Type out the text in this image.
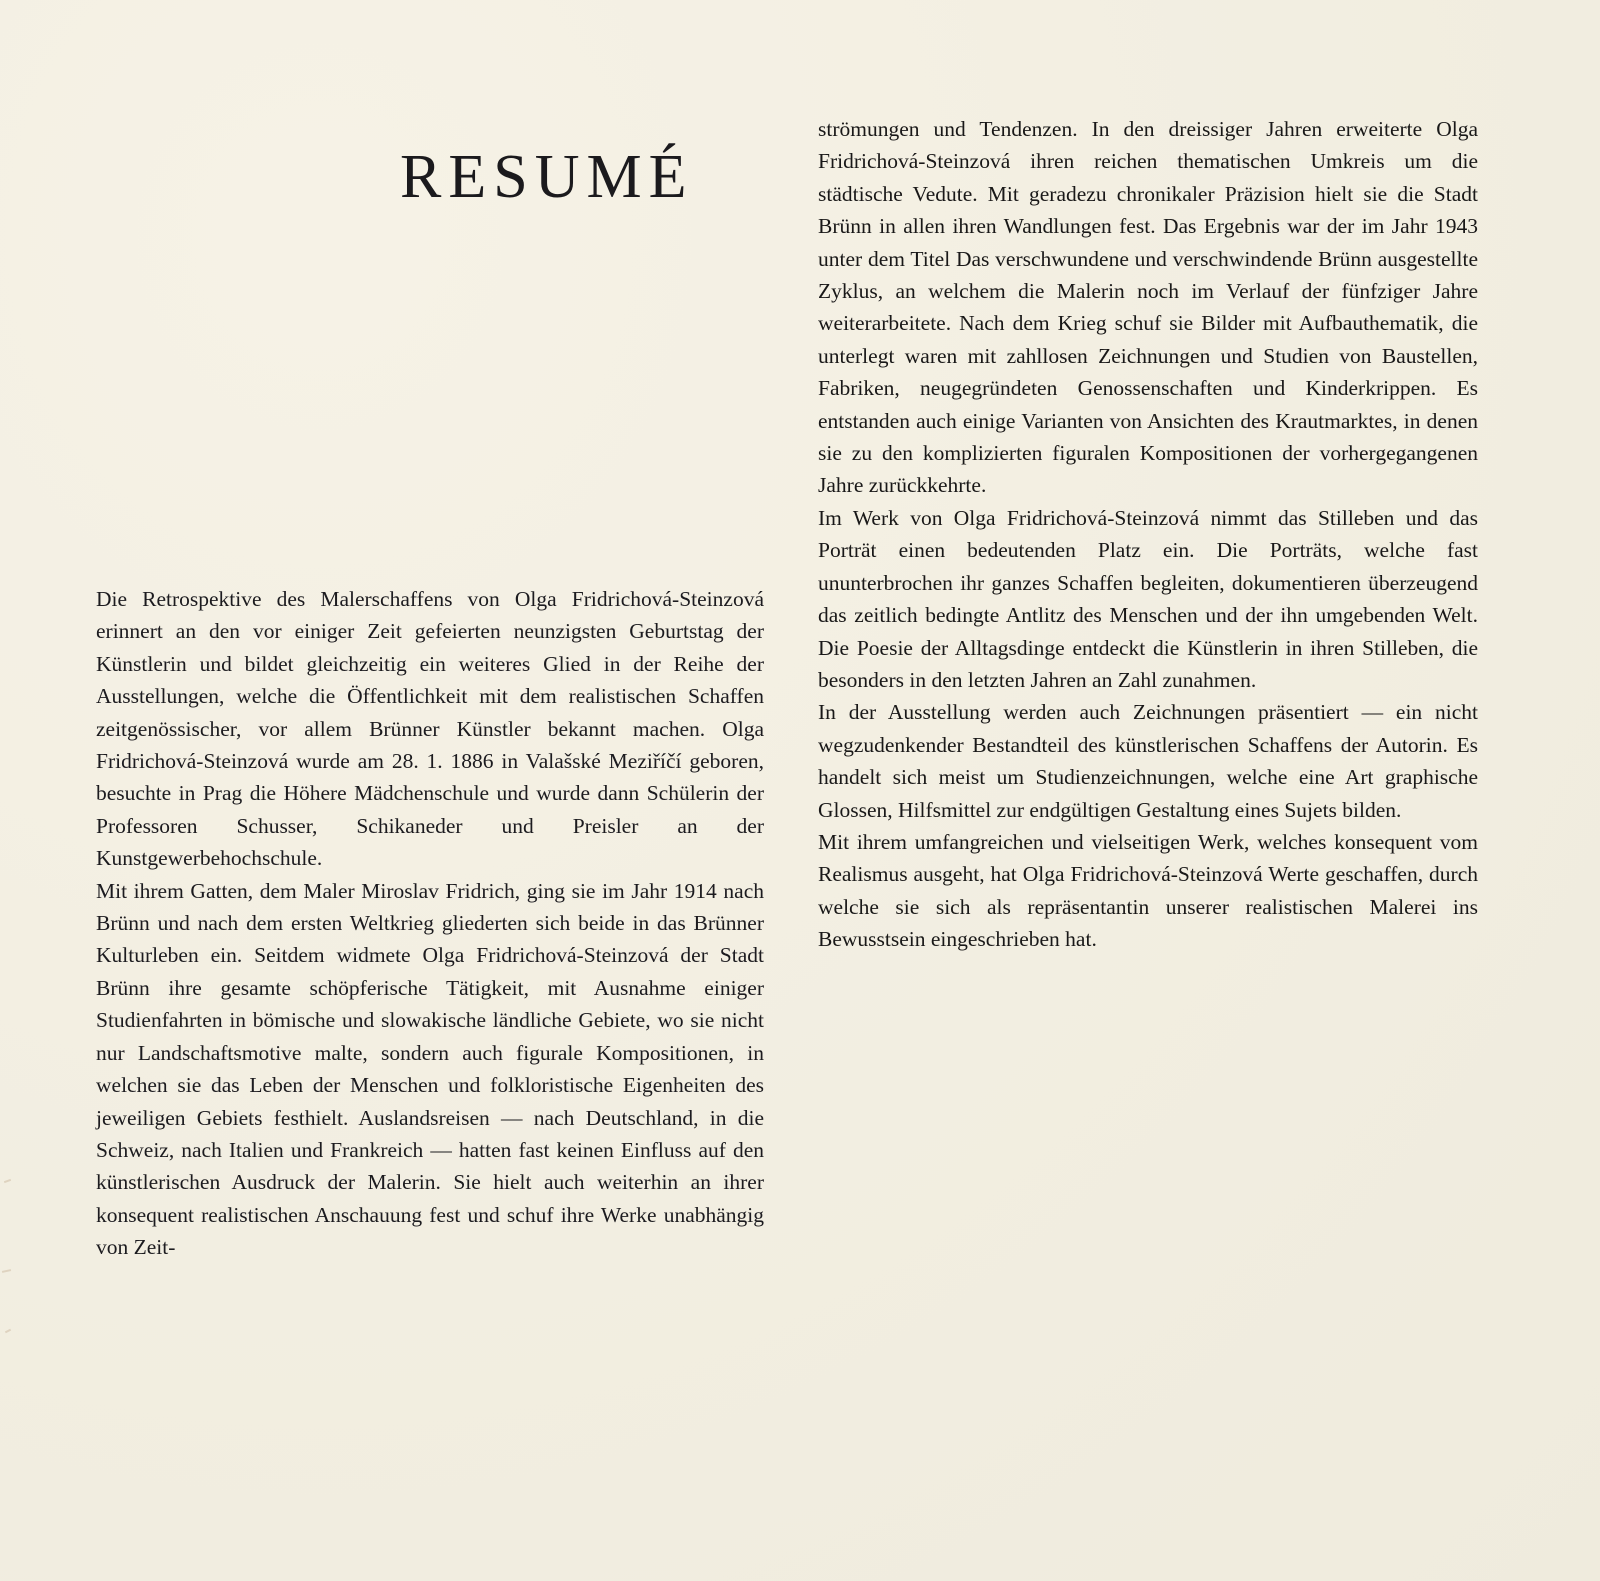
RESUMÉ

Die Retrospektive des Malerschaffens von Olga Fridrichová-Steinzová erinnert an den vor einiger Zeit gefeierten neunzigsten Geburtstag der Künstlerin und bildet gleichzeitig ein weiteres Glied in der Reihe der Ausstellungen, welche die Öffentlichkeit mit dem realistischen Schaffen zeitgenössischer, vor allem Brünner Künstler bekannt machen. Olga Fridrichová-Steinzová wurde am 28. 1. 1886 in Valašské Meziříčí geboren, besuchte in Prag die Höhere Mädchenschule und wurde dann Schülerin der Professoren Schusser, Schikaneder und Preisler an der Kunstgewerbehochschule.

Mit ihrem Gatten, dem Maler Miroslav Fridrich, ging sie im Jahr 1914 nach Brünn und nach dem ersten Weltkrieg gliederten sich beide in das Brünner Kulturleben ein. Seitdem widmete Olga Fridrichová-Steinzová der Stadt Brünn ihre gesamte schöpferische Tätigkeit, mit Ausnahme einiger Studienfahrten in bömische und slowakische ländliche Gebiete, wo sie nicht nur Landschaftsmotive malte, sondern auch figurale Kompositionen, in welchen sie das Leben der Menschen und folkloristische Eigenheiten des jeweiligen Gebiets festhielt. Auslandsreisen — nach Deutschland, in die Schweiz, nach Italien und Frankreich — hatten fast keinen Einfluss auf den künstlerischen Ausdruck der Malerin. Sie hielt auch weiterhin an ihrer konsequent realistischen Anschauung fest und schuf ihre Werke unabhängig von Zeit-

strömungen und Tendenzen. In den dreissiger Jahren erweiterte Olga Fridrichová-Steinzová ihren reichen thematischen Umkreis um die städtische Vedute. Mit geradezu chronikaler Präzision hielt sie die Stadt Brünn in allen ihren Wandlungen fest. Das Ergebnis war der im Jahr 1943 unter dem Titel Das verschwundene und verschwindende Brünn ausgestellte Zyklus, an welchem die Malerin noch im Verlauf der fünfziger Jahre weiterarbeitete. Nach dem Krieg schuf sie Bilder mit Aufbauthematik, die unterlegt waren mit zahllosen Zeichnungen und Studien von Baustellen, Fabriken, neugegründeten Genossenschaften und Kinderkrippen. Es entstanden auch einige Varianten von Ansichten des Krautmarktes, in denen sie zu den komplizierten figuralen Kompositionen der vorhergegangenen Jahre zurückkehrte.

Im Werk von Olga Fridrichová-Steinzová nimmt das Stilleben und das Porträt einen bedeutenden Platz ein. Die Porträts, welche fast ununterbrochen ihr ganzes Schaffen begleiten, dokumentieren überzeugend das zeitlich bedingte Antlitz des Menschen und der ihn umgebenden Welt. Die Poesie der Alltagsdinge entdeckt die Künstlerin in ihren Stilleben, die besonders in den letzten Jahren an Zahl zunahmen.

In der Ausstellung werden auch Zeichnungen präsentiert — ein nicht wegzudenkender Bestandteil des künstlerischen Schaffens der Autorin. Es handelt sich meist um Studienzeichnungen, welche eine Art graphische Glossen, Hilfsmittel zur endgültigen Gestaltung eines Sujets bilden.

Mit ihrem umfangreichen und vielseitigen Werk, welches konsequent vom Realismus ausgeht, hat Olga Fridrichová-Steinzová Werte geschaffen, durch welche sie sich als repräsentantin unserer realistischen Malerei ins Bewusstsein eingeschrieben hat.
